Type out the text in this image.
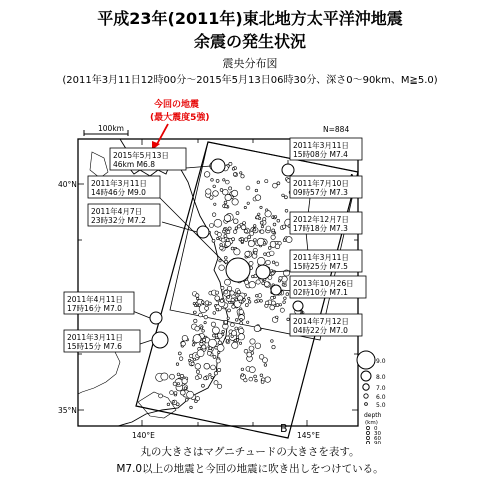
平成23年(2011年)東北地方太平洋沖地震
余震の発生状況
震央分布図
(2011年3月11日12時00分～2015年5月13日06時30分、深さ0～90km、M≧5.0)
100km	N=884
40°N
35°N
140°E	145°E
B
今回の地震
(最大震度5強)
2015年5月13日
46km M6.8
2011年3月11日
15時08分 M7.4
2011年3月11日
14時46分 M9.0
2011年4月7日
23時32分 M7.2
2011年7月10日
09時57分 M7.3
2012年12月7日
17時18分 M7.3
2011年3月11日
15時25分 M7.5
2013年10月26日
02時10分 M7.1
2014年7月12日
04時22分 M7.0
2011年4月11日
17時16分 M7.0
2011年3月11日
15時15分 M7.6
9.0
8.0
7.0
6.0
5.0
depth
(km)
0
30
60
90
丸の大きさはマグニチュードの大きさを表す。
M7.0以上の地震と今回の地震に吹き出しをつけている。
